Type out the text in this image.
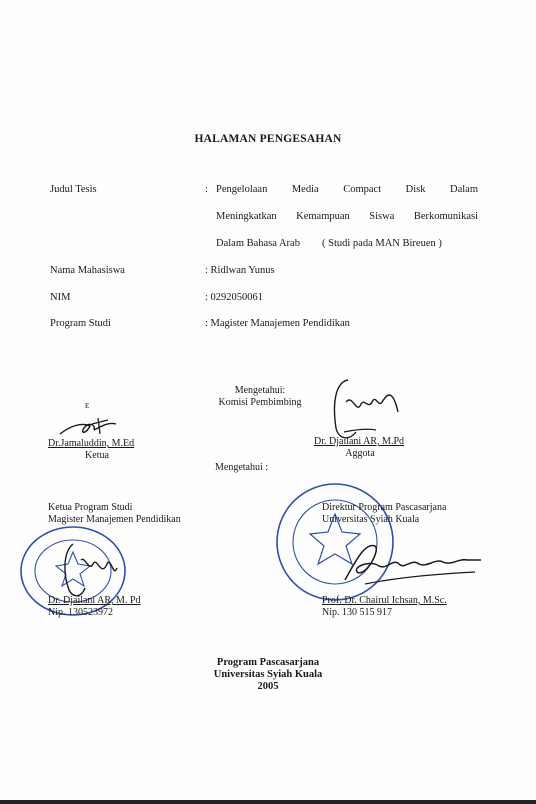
HALAMAN PENGESAHAN
Judul Tesis	: Pengelolaan Media Compact Disk Dalam
Meningkatkan Kemampuan Siswa Berkomunikasi
Dalam Bahasa Arab ( Studi pada MAN Bireuen )
Nama Mahasiswa	: Ridlwan Yunus
NIM	: 0292050061
Program Studi	: Magister Manajemen Pendidikan
Mengetahui:
Komisi Pembimbing
E
Dr.Jamaluddin, M.Ed
Ketua
Dr. Djailani AR, M.Pd
Aggota
Mengetahui :
Ketua Program Studi
Magister Manajemen Pendidikan
Dr. Djailani AR, M. Pd
Nip. 130523972
Direktur Program Pascasarjana
Universitas Syiah Kuala
Prof. Dr. Chairul Ichsan, M.Sc.
Nip. 130 515 917
Program Pascasarjana
Universitas Syiah Kuala
2005
